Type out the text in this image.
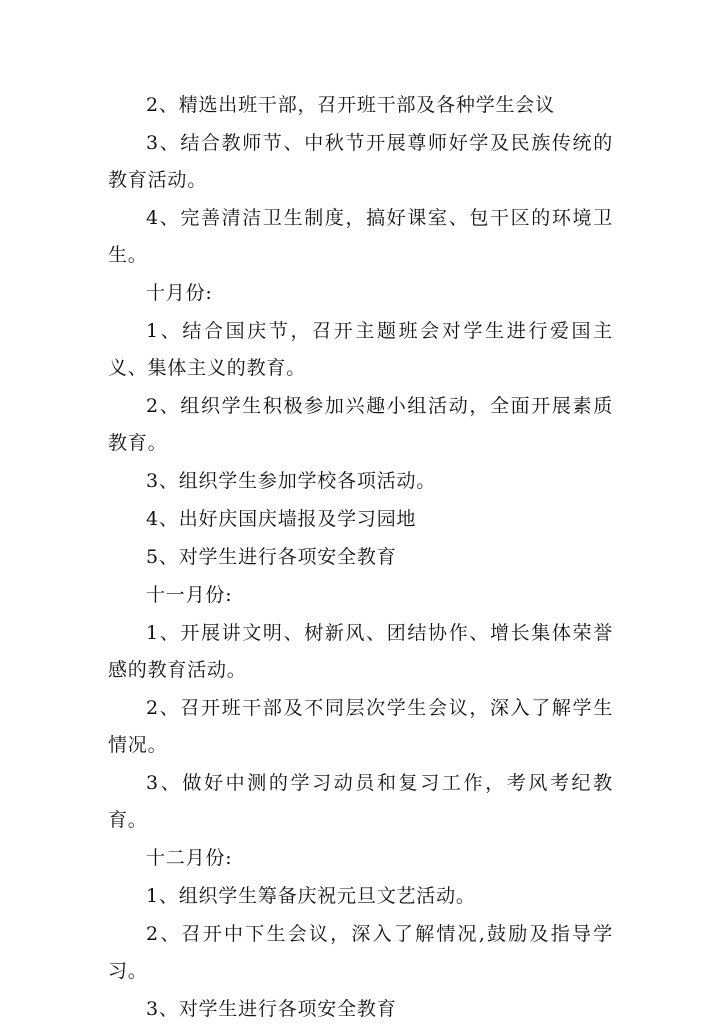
2、精选出班干部，召开班干部及各种学生会议

3、结合教师节、中秋节开展尊师好学及民族传统的教育活动。

4、完善清洁卫生制度，搞好课室、包干区的环境卫生。

十月份:

1、结合国庆节，召开主题班会对学生进行爱国主义、集体主义的教育。

2、组织学生积极参加兴趣小组活动，全面开展素质教育。

3、组织学生参加学校各项活动。

4、出好庆国庆墙报及学习园地

5、对学生进行各项安全教育

十一月份:

1、开展讲文明、树新风、团结协作、增长集体荣誉感的教育活动。

2、召开班干部及不同层次学生会议，深入了解学生情况。

3、做好中测的学习动员和复习工作，考风考纪教育。

十二月份:

1、组织学生筹备庆祝元旦文艺活动。

2、召开中下生会议，深入了解情况,鼓励及指导学习。

3、对学生进行各项安全教育
